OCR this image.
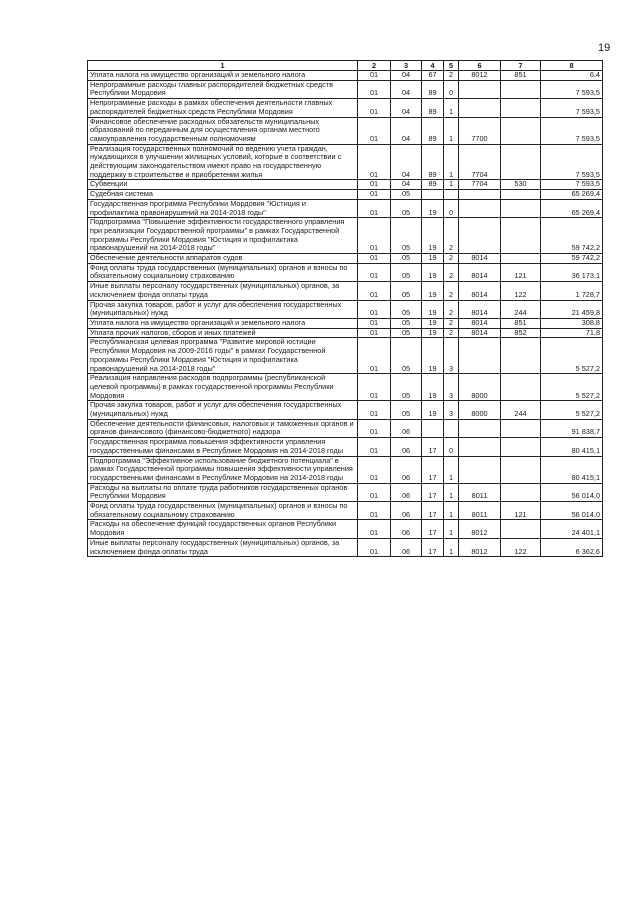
19
1	2	3	4	5	6	7	8
Уплата налога на имущество организаций и земельного налога	01	04	67	2	8012	851	6,4
Непрограммные расходы главных распорядителей бюджетных средств Республики Мордовия	01	04	89	0			7 593,5
Непрограммные расходы в рамках обеспечения деятельности главных распорядителей бюджетных средств Республики Мордовия	01	04	89	1			7 593,5
Финансовое обеспечение расходных обязательств муниципальных образований по переданным для осуществления органам местного самоуправления государственным полномочиям	01	04	89	1	7700		7 593,5
Реализация государственных полномочий по ведению учета граждан, нуждающихся в улучшении жилищных условий, которые в соответствии с действующим законодательством имеют право на государственную поддержку в строительстве и приобретении жилья	01	04	89	1	7704		7 593,5
Субвенции	01	04	89	1	7704	530	7 593,5
Судебная система	01	05					65 269,4
Государственная программа Республики Мордовия "Юстиция и профилактика правонарушений на 2014-2018 годы"	01	05	19	0			65 269,4
Подпрограмма "Повышение эффективности государственного управления при реализации Государственной программы" в рамках Государственной программы Республики Мордовия "Юстиция и профилактика правонарушений на 2014-2018 годы"	01	05	19	2			59 742,2
Обеспечение деятельности аппаратов судов	01	05	19	2	8014		59 742,2
Фонд оплаты труда государственных (муниципальных) органов и взносы по обязательному социальному страхованию	01	05	19	2	8014	121	36 173,1
Иные выплаты персоналу государственных (муниципальных) органов, за исключением фонда оплаты труда	01	05	19	2	8014	122	1 728,7
Прочая закупка товаров, работ и услуг для обеспечения государственных (муниципальных) нужд	01	05	19	2	8014	244	21 459,8
Уплата налога на имущество организаций и земельного налога	01	05	19	2	8014	851	308,8
Уплата прочих налогов, сборов и иных платежей	01	05	19	2	8014	852	71,8
Республиканская целевая программа "Развитие мировой юстиции Республики Мордовия на 2009-2016 годы" в рамках Государственной программы Республики Мордовия "Юстиция и профилактика правонарушений на 2014-2018 годы"	01	05	19	3			5 527,2
Реализация направления расходов подпрограммы (республиканской целевой программы) в рамках государственной программы Республики Мордовия	01	05	19	3	8000		5 527,2
Прочая закупка товаров, работ и услуг для обеспечения государственных (муниципальных) нужд	01	05	19	3	8000	244	5 527,2
Обеспечение деятельности финансовых, налоговых и таможенных органов и органов финансового (финансово-бюджетного) надзора	01	06					91 838,7
Государственная программа повышения эффективности управления государственными финансами в Республике Мордовия на 2014-2018 годы	01	06	17	0			80 415,1
Подпрограмма "Эффективное использование бюджетного потенциала" в рамках Государственной программы повышения эффективности управления государственными финансами в Республике Мордовия на 2014-2018 годы	01	06	17	1			80 415,1
Расходы на выплаты по оплате труда работников государственных органов Республики Мордовия	01	06	17	1	8011		56 014,0
Фонд оплаты труда государственных (муниципальных) органов и взносы по обязательному социальному страхованию	01	06	17	1	8011	121	56 014,0
Расходы на обеспечение функций государственных органов Республики Мордовия	01	06	17	1	8012		24 401,1
Иные выплаты персоналу государственных (муниципальных) органов, за исключением фонда оплаты труда	01	06	17	1	8012	122	6 362,6
